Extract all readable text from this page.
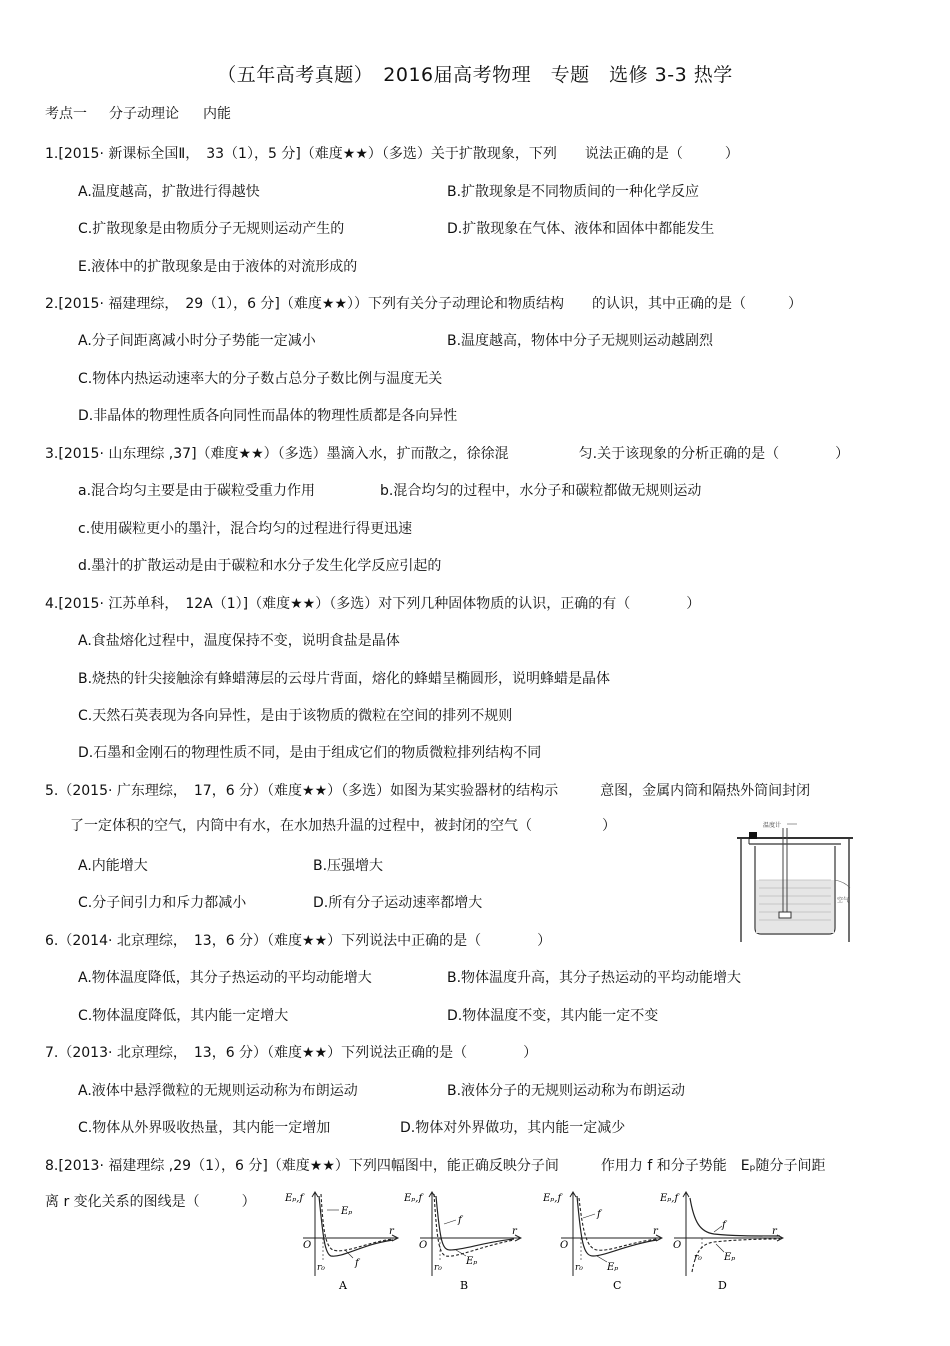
（五年高考真题）　2016届高考物理　专题　选修 3-3 热学
考点一 分子动理论 内能
1.[2015· 新课标全国Ⅱ，　33（1），5 分]（难度★★）（多选）关于扩散现象，下列　　说法正确的是（　　　）
A.温度越高，扩散进行得越快	B.扩散现象是不同物质间的一种化学反应
C.扩散现象是由物质分子无规则运动产生的	D.扩散现象在气体、液体和固体中都能发生
E.液体中的扩散现象是由于液体的对流形成的
2.[2015· 福建理综，　29（1），6 分]（难度★★））下列有关分子动理论和物质结构　　的认识，其中正确的是（　　　）
A.分子间距离减小时分子势能一定减小	B.温度越高，物体中分子无规则运动越剧烈
C.物体内热运动速率大的分子数占总分子数比例与温度无关
D.非晶体的物理性质各向同性而晶体的物理性质都是各向异性
3.[2015· 山东理综 ,37]（难度★★）（多选）墨滴入水，扩而散之，徐徐混　　　　　匀.关于该现象的分析正确的是（　　　　）
a.混合均匀主要是由于碳粒受重力作用	b.混合均匀的过程中，水分子和碳粒都做无规则运动
c.使用碳粒更小的墨汁，混合均匀的过程进行得更迅速
d.墨汁的扩散运动是由于碳粒和水分子发生化学反应引起的
4.[2015· 江苏单科，　12A（1）]（难度★★）（多选）对下列几种固体物质的认识，正确的有（　　　　）
A.食盐熔化过程中，温度保持不变，说明食盐是晶体
B.烧热的针尖接触涂有蜂蜡薄层的云母片背面，熔化的蜂蜡呈椭圆形，说明蜂蜡是晶体
C.天然石英表现为各向异性，是由于该物质的微粒在空间的排列不规则
D.石墨和金刚石的物理性质不同，是由于组成它们的物质微粒排列结构不同
5.（2015· 广东理综，　17，6 分）（难度★★）（多选）如图为某实验器材的结构示　　　意图，金属内筒和隔热外筒间封闭
了一定体积的空气，内筒中有水，在水加热升温的过程中，被封闭的空气（　　　　　）
A.内能增大	B.压强增大
C.分子间引力和斥力都减小	D.所有分子运动速率都增大
温度计
空气
6.（2014· 北京理综，　13，6 分）（难度★★）下列说法中正确的是（　　　　）
A.物体温度降低，其分子热运动的平均动能增大	B.物体温度升高，其分子热运动的平均动能增大
C.物体温度降低，其内能一定增大	D.物体温度不变，其内能一定不变
7.（2013· 北京理综，　13，6 分）（难度★★）下列说法正确的是（　　　　）
A.液体中悬浮微粒的无规则运动称为布朗运动	B.液体分子的无规则运动称为布朗运动
C.物体从外界吸收热量，其内能一定增加	D.物体对外界做功，其内能一定减少
8.[2013· 福建理综 ,29（1），6 分]（难度★★）下列四幅图中，能正确反映分子间　　　作用力 f 和分子势能　Eₚ随分子间距
离 r 变化关系的图线是（　　　）	Eₚ,f
Eₚ
f
O
r₀
r
A
Eₚ,f
f
Eₚ
O
r₀
r
B
Eₚ,f
f
Eₚ
O
r₀
r
C
Eₚ,f
f
Eₚ
O
r₀
r
D
